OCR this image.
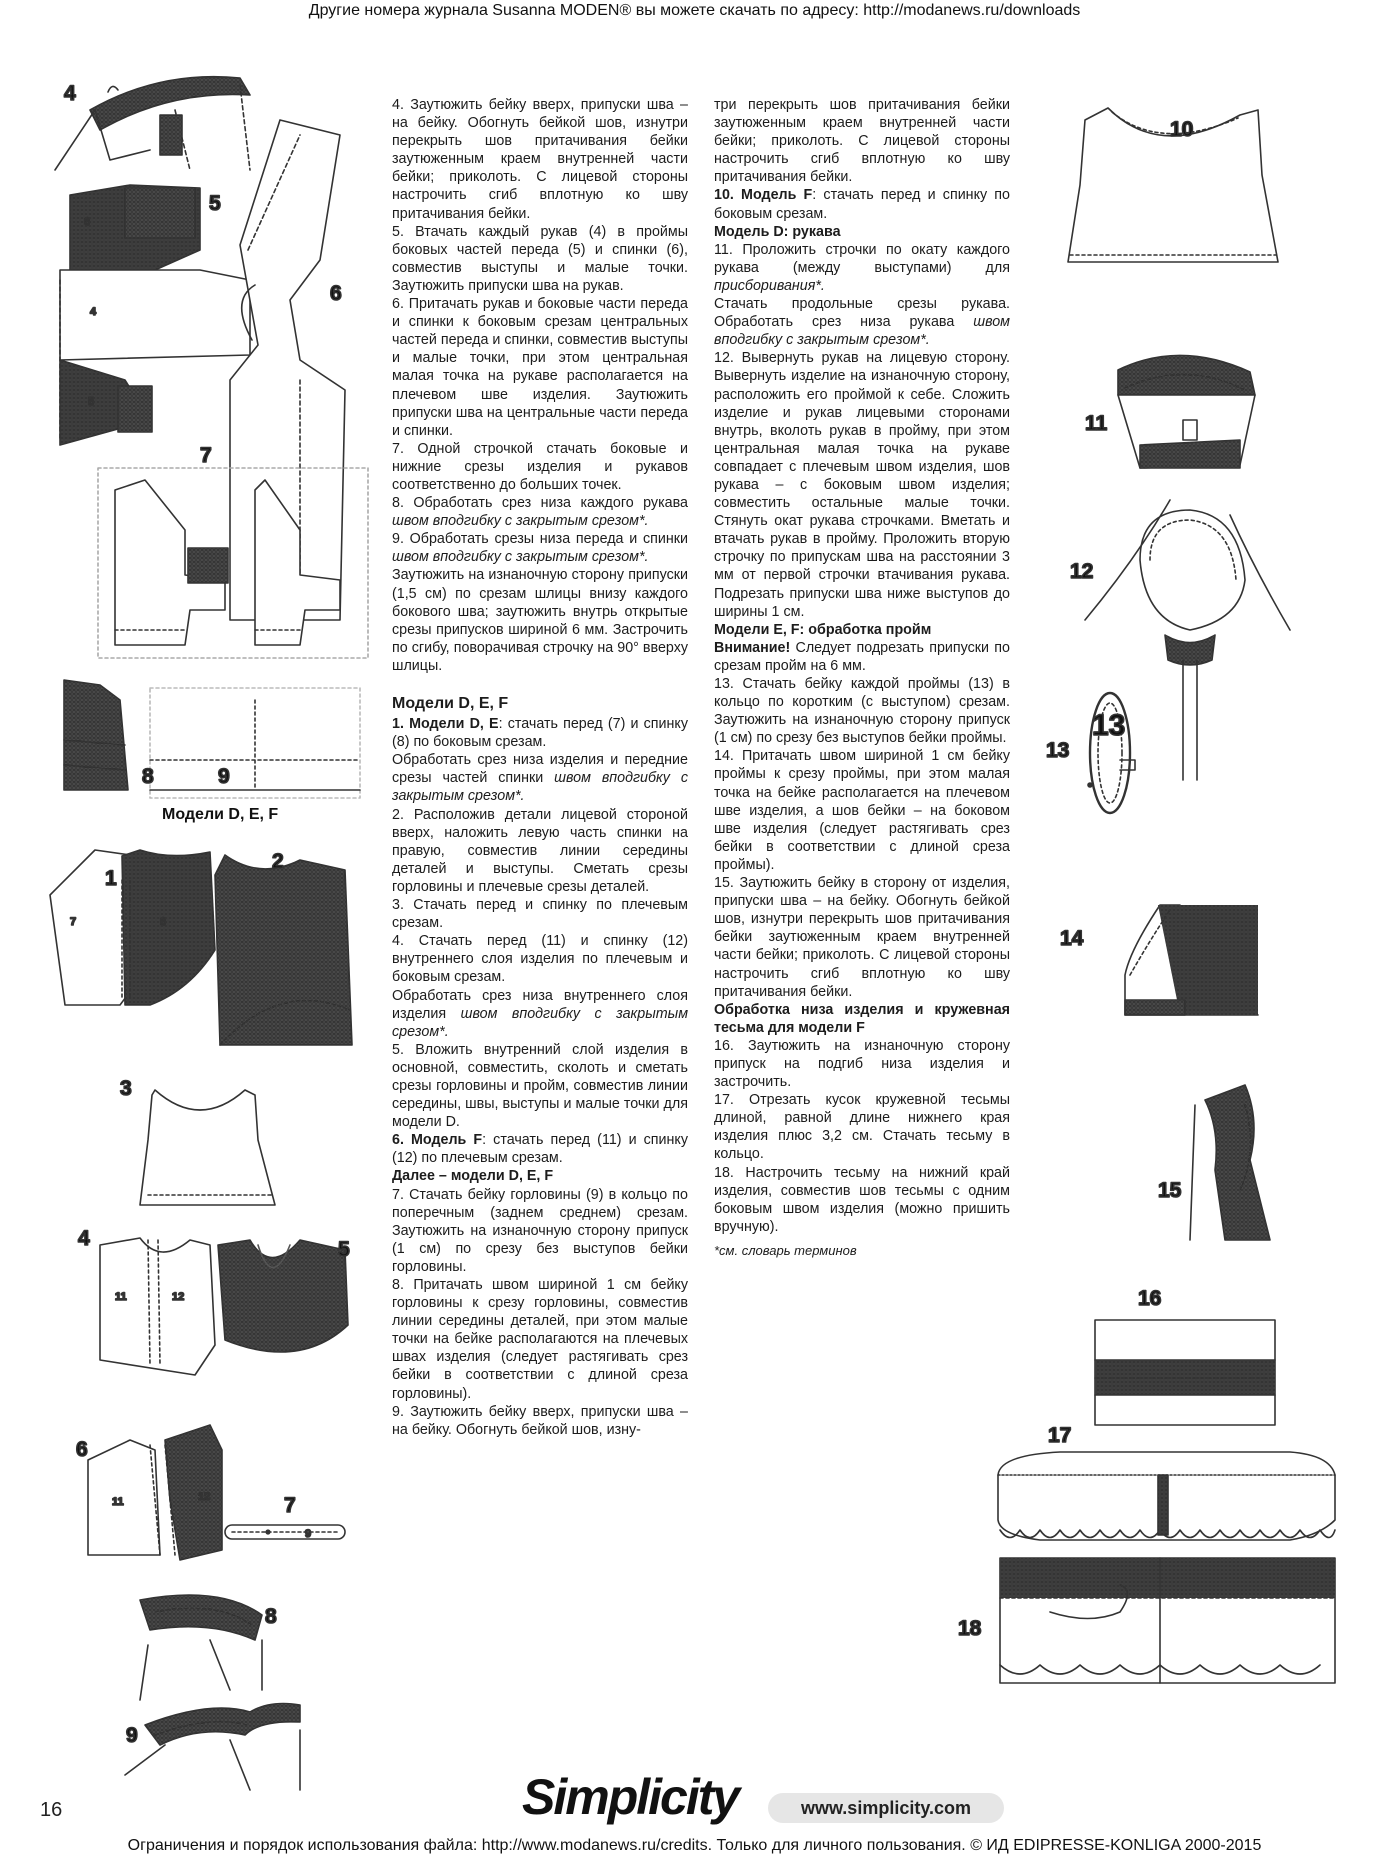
Другие номера журнала Susanna MODEN® вы можете скачать по адресу: http://modanews.ru/downloads
Ограничения и порядок использования файла: http://www.modanews.ru/credits. Только для личного пользования. © ИД EDIPRESSE-KONLIGA 2000-2015
16	Simplicity	www.simplicity.com
4
5
6
6
4
5
7
8	9
1
7	8
2
3
4	5
11	12
6
11	12	7
9
8
9
10
11
12
13
13
14
15
16
17
18
Модели D, E, F

4. Заутюжить бейку вверх, припуски шва – на бейку. Обогнуть бейкой шов, изнутри перекрыть шов притачивания бейки заутюженным краем внутренней части бейки; приколоть. С лицевой стороны настрочить сгиб вплотную ко шву притачивания бейки.

5. Втачать каждый рукав (4) в проймы боковых частей переда (5) и спинки (6), совместив выступы и малые точки. Заутюжить припуски шва на рукав.

6. Притачать рукав и боковые части переда и спинки к боковым срезам центральных частей переда и спинки, совместив выступы и малые точки, при этом центральная малая точка на рукаве располагается на плечевом шве изделия. Заутюжить припуски шва на центральные части переда и спинки.

7. Одной строчкой стачать боковые и нижние срезы изделия и рукавов соответственно до больших точек.

8. Обработать срез низа каждого рукава швом вподгибку с закрытым срезом*.

9. Обработать срезы низа переда и спинки швом вподгибку с закрытым срезом*.

Заутюжить на изнаночную сторону припуски (1,5 см) по срезам шлицы внизу каждого бокового шва; заутюжить внутрь открытые срезы припусков шириной 6 мм. Застрочить по сгибу, поворачивая строчку на 90° вверху шлицы.

Модели D, E, F

1. Модели D, E: стачать перед (7) и спинку (8) по боковым срезам.

Обработать срез низа изделия и передние срезы частей спинки швом вподгибку с закрытым срезом*.

2. Расположив детали лицевой стороной вверх, наложить левую часть спинки на правую, совместив линии середины деталей и выступы. Сметать срезы горловины и плечевые срезы деталей.

3. Стачать перед и спинку по плечевым срезам.

4. Стачать перед (11) и спинку (12) внутреннего слоя изделия по плечевым и боковым срезам.

Обработать срез низа внутреннего слоя изделия швом вподгибку с закрытым срезом*.

5. Вложить внутренний слой изделия в основной, совместить, сколоть и сметать срезы горловины и пройм, совместив линии середины, швы, выступы и малые точки для модели D.

6. Модель F: стачать перед (11) и спинку (12) по плечевым срезам.

Далее – модели D, E, F

7. Стачать бейку горловины (9) в кольцо по поперечным (заднем среднем) срезам. Заутюжить на изнаночную сторону припуск (1 см) по срезу без выступов бейки горловины.

8. Притачать швом шириной 1 см бейку горловины к срезу горловины, совместив линии середины деталей, при этом малые точки на бейке располагаются на плечевых швах изделия (следует растягивать срез бейки в соответствии с длиной среза горловины).

9. Заутюжить бейку вверх, припуски шва – на бейку. Обогнуть бейкой шов, изну-

три перекрыть шов притачивания бейки заутюженным краем внутренней части бейки; приколоть. С лицевой стороны настрочить сгиб вплотную ко шву притачивания бейки.

10. Модель F: стачать перед и спинку по боковым срезам.

Модель D: рукава

11. Проложить строчки по окату каждого рукава (между выступами) для присборивания*.

Стачать продольные срезы рукава. Обработать срез низа рукава швом вподгибку с закрытым срезом*.

12. Вывернуть рукав на лицевую сторону. Вывернуть изделие на изнаночную сторону, расположить его проймой к себе. Сложить изделие и рукав лицевыми сторонами внутрь, вколоть рукав в пройму, при этом центральная малая точка на рукаве совпадает с плечевым швом изделия, шов рукава – с боковым швом изделия; совместить остальные малые точки. Стянуть окат рукава строчками. Вметать и втачать рукав в пройму. Проложить вторую строчку по припускам шва на расстоянии 3 мм от первой строчки втачивания рукава. Подрезать припуски шва ниже выступов до ширины 1 см.

Модели E, F: обработка пройм

Внимание! Следует подрезать припуски по срезам пройм на 6 мм.

13. Стачать бейку каждой проймы (13) в кольцо по коротким (с выступом) срезам. Заутюжить на изнаночную сторону припуск (1 см) по срезу без выступов бейки проймы.

14. Притачать швом шириной 1 см бейку проймы к срезу проймы, при этом малая точка на бейке располагается на плечевом шве изделия, а шов бейки – на боковом шве изделия (следует растягивать срез бейки в соответствии с длиной среза проймы).

15. Заутюжить бейку в сторону от изделия, припуски шва – на бейку. Обогнуть бейкой шов, изнутри перекрыть шов притачивания бейки заутюженным краем внутренней части бейки; приколоть. С лицевой стороны настрочить сгиб вплотную ко шву притачивания бейки.

Обработка низа изделия и кружевная тесьма для модели F

16. Заутюжить на изнаночную сторону припуск на подгиб низа изделия и застрочить.

17. Отрезать кусок кружевной тесьмы длиной, равной длине нижнего края изделия плюс 3,2 см. Стачать тесьму в кольцо.

18. Настрочить тесьму на нижний край изделия, совместив шов тесьмы с одним боковым швом изделия (можно пришить вручную).

*см. словарь терминов
